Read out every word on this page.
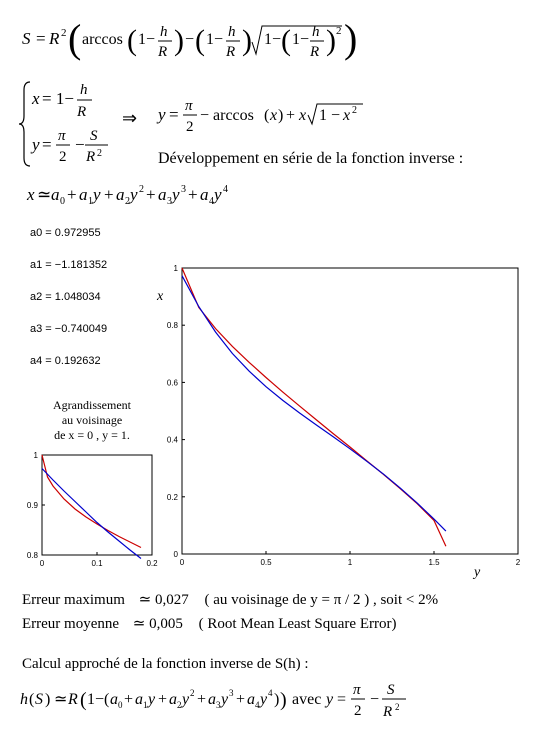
S = R 2 ( arccos ( 1− h
R ) − ( 1− h
R ) 1− ( 1− h
R ) 2 )
x = 1− h
R
y = π
2
− S
R 2
⇒ y = π
2
− arccos ( x ) + x 1 − x 2
Développement en série de la fonction inverse :
x ≃ a 0 + a 1 y + a 2 y 2 + a 3 y 3 + a 4 y 4
a0 = 0.972955
a1 = −1.181352
a2 = 1.048034
a3 = −0.740049
a4 = 0.192632
0	0.5	1	1.5	2
0
0.2
0.4
0.6
0.8
1
x
y
Agrandissement
au voisinage
de x = 0 , y = 1.
0	0.1	0.2
0.8
0.9
1
Erreur maximum ≃ 0,027 ( au voisinage de y = π / 2 ) , soit < 2%
Erreur moyenne ≃ 0,005 ( Root Mean Least Square Error)
Calcul approché de la fonction inverse de S(h) :
h ( S ) ≃ R ( 1− ( a 0 + a 1 y + a 2 y 2 + a 3 y 3 + a 4 y 4 ) ) avec y =
π
2
−
S
R 2
